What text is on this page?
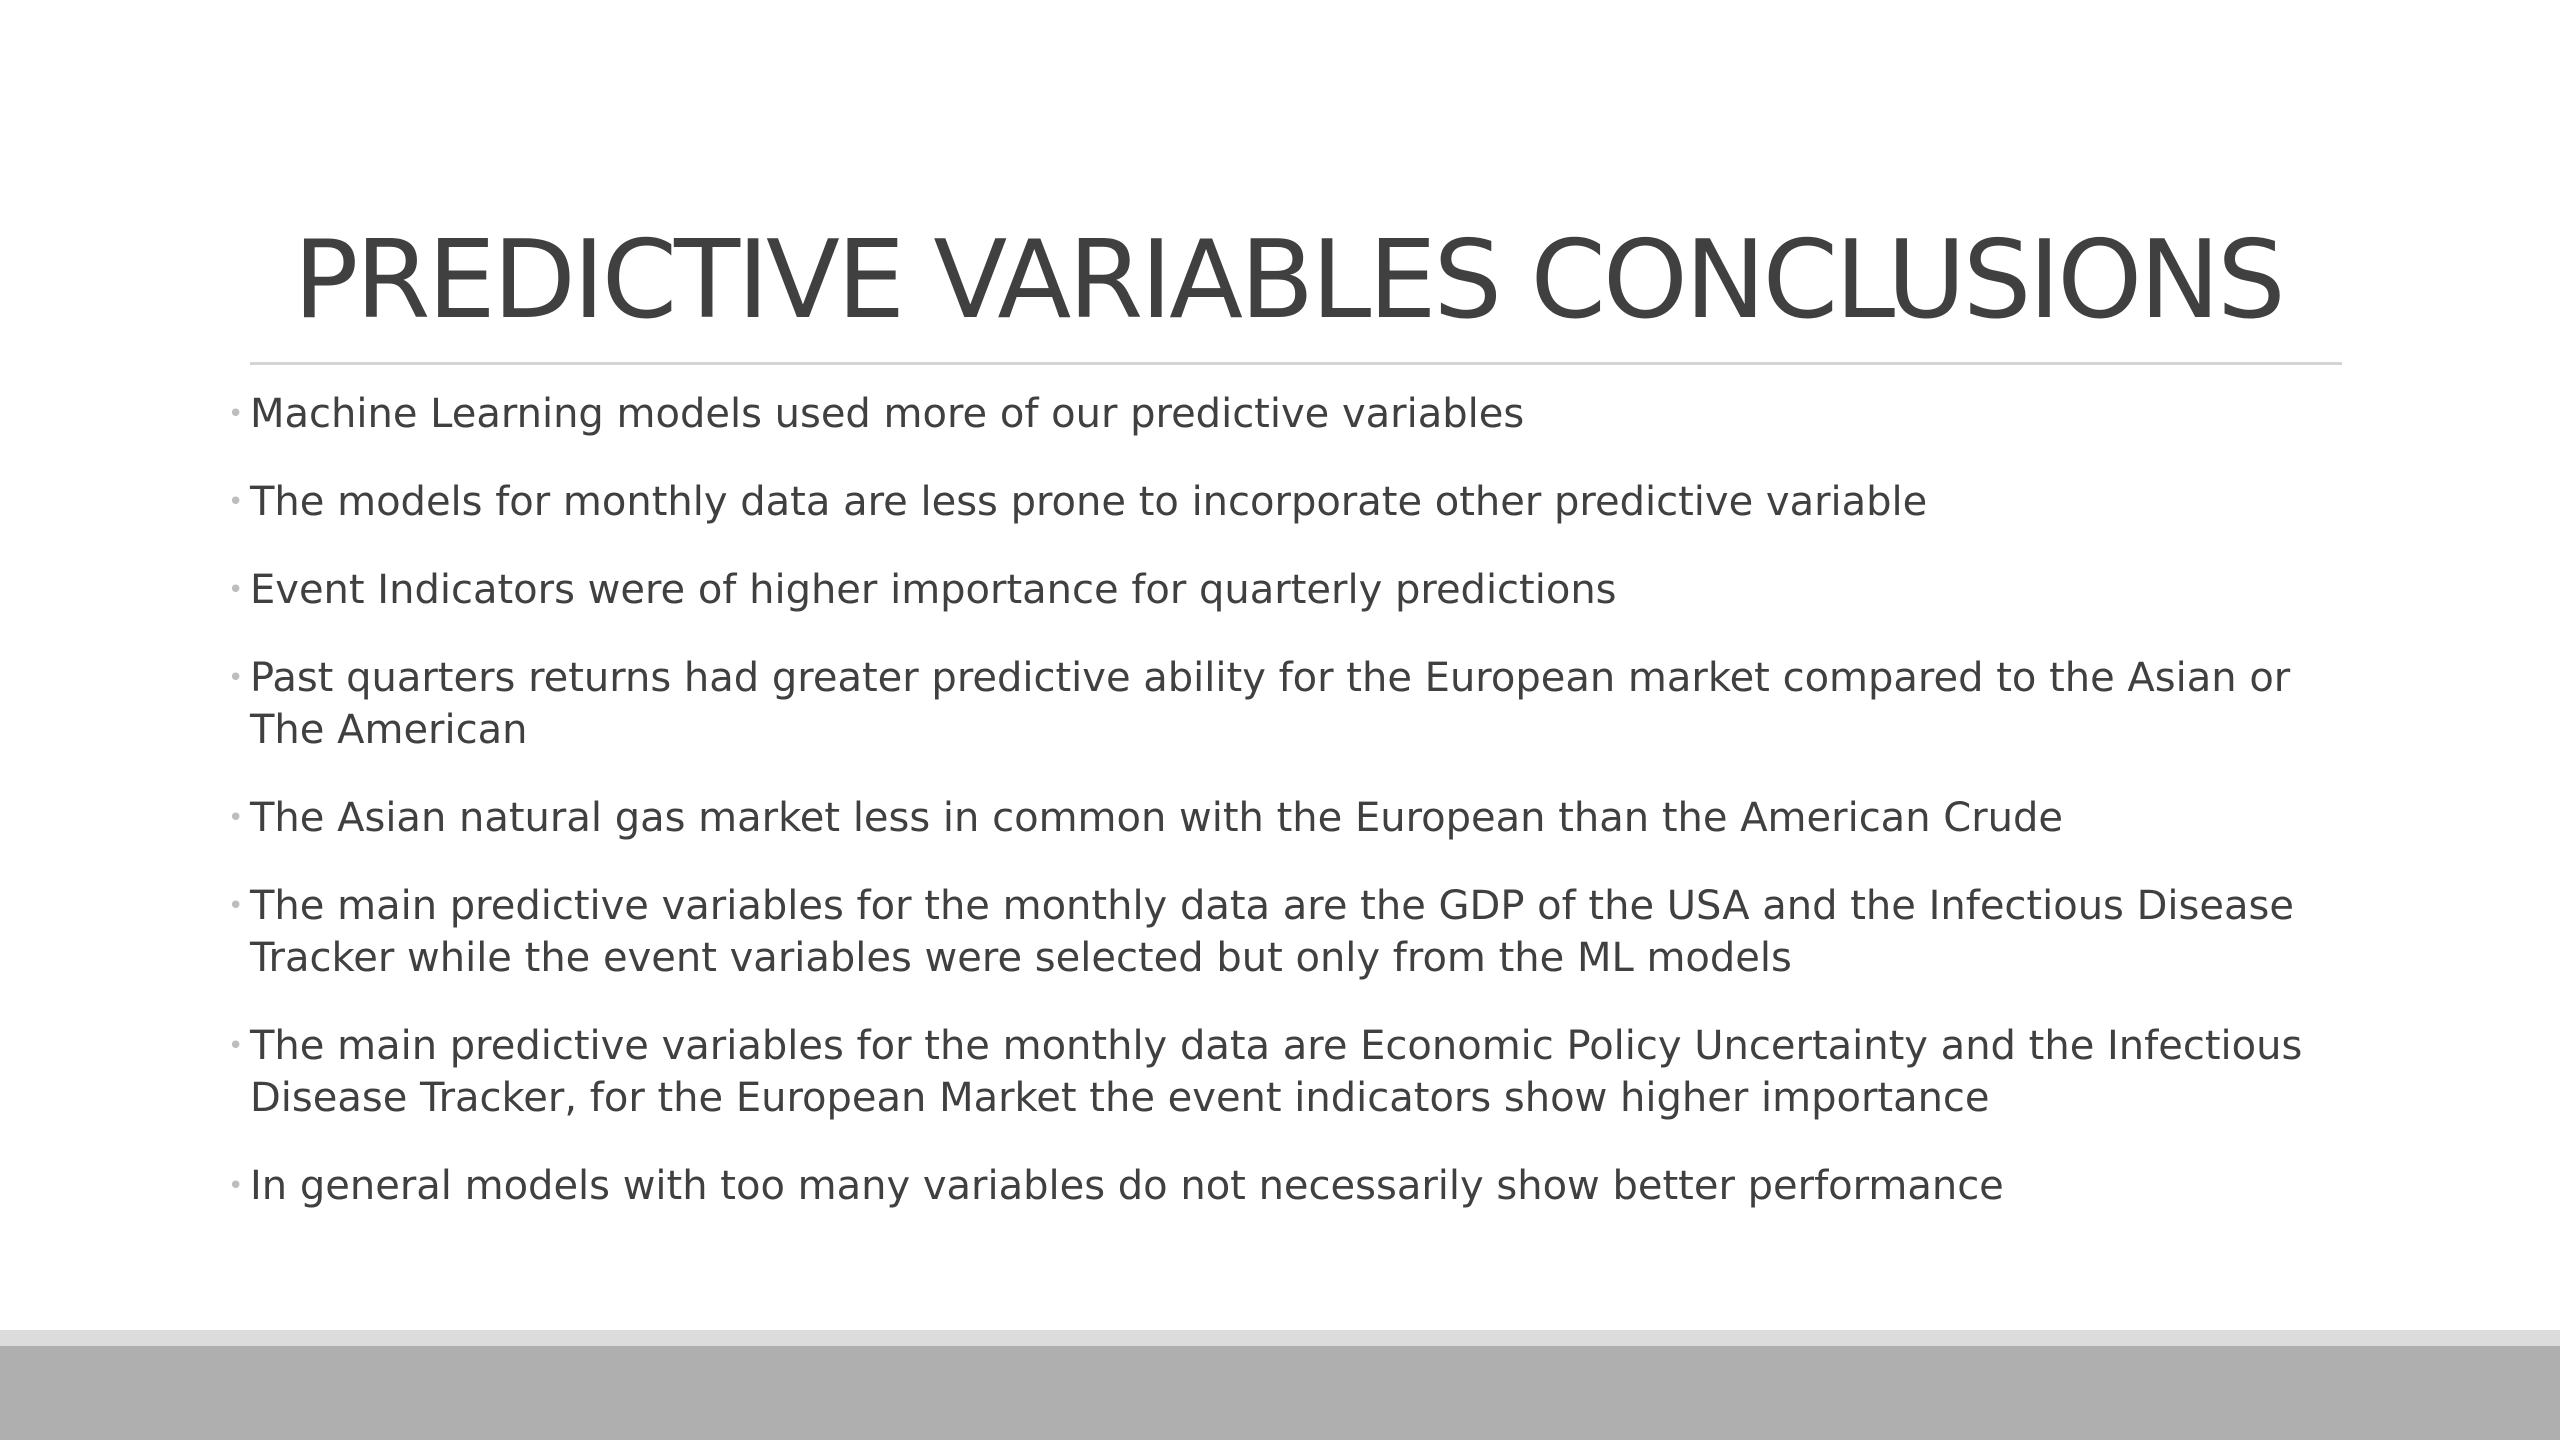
PREDICTIVE VARIABLES CONCLUSIONS
• Machine Learning models used more of our predictive variables
• The models for monthly data are less prone to incorporate other predictive variable
• Event Indicators were of higher importance for quarterly predictions
• Past quarters returns had greater predictive ability for the European market compared to the Asian or The American
• The Asian natural gas market less in common with the European than the American Crude
• The main predictive variables for the monthly data are the GDP of the USA and the Infectious Disease Tracker while the event variables were selected but only from the ML models
• The main predictive variables for the monthly data are Economic Policy Uncertainty and the Infectious Disease Tracker, for the European Market the event indicators show higher importance
• In general models with too many variables do not necessarily show better performance
